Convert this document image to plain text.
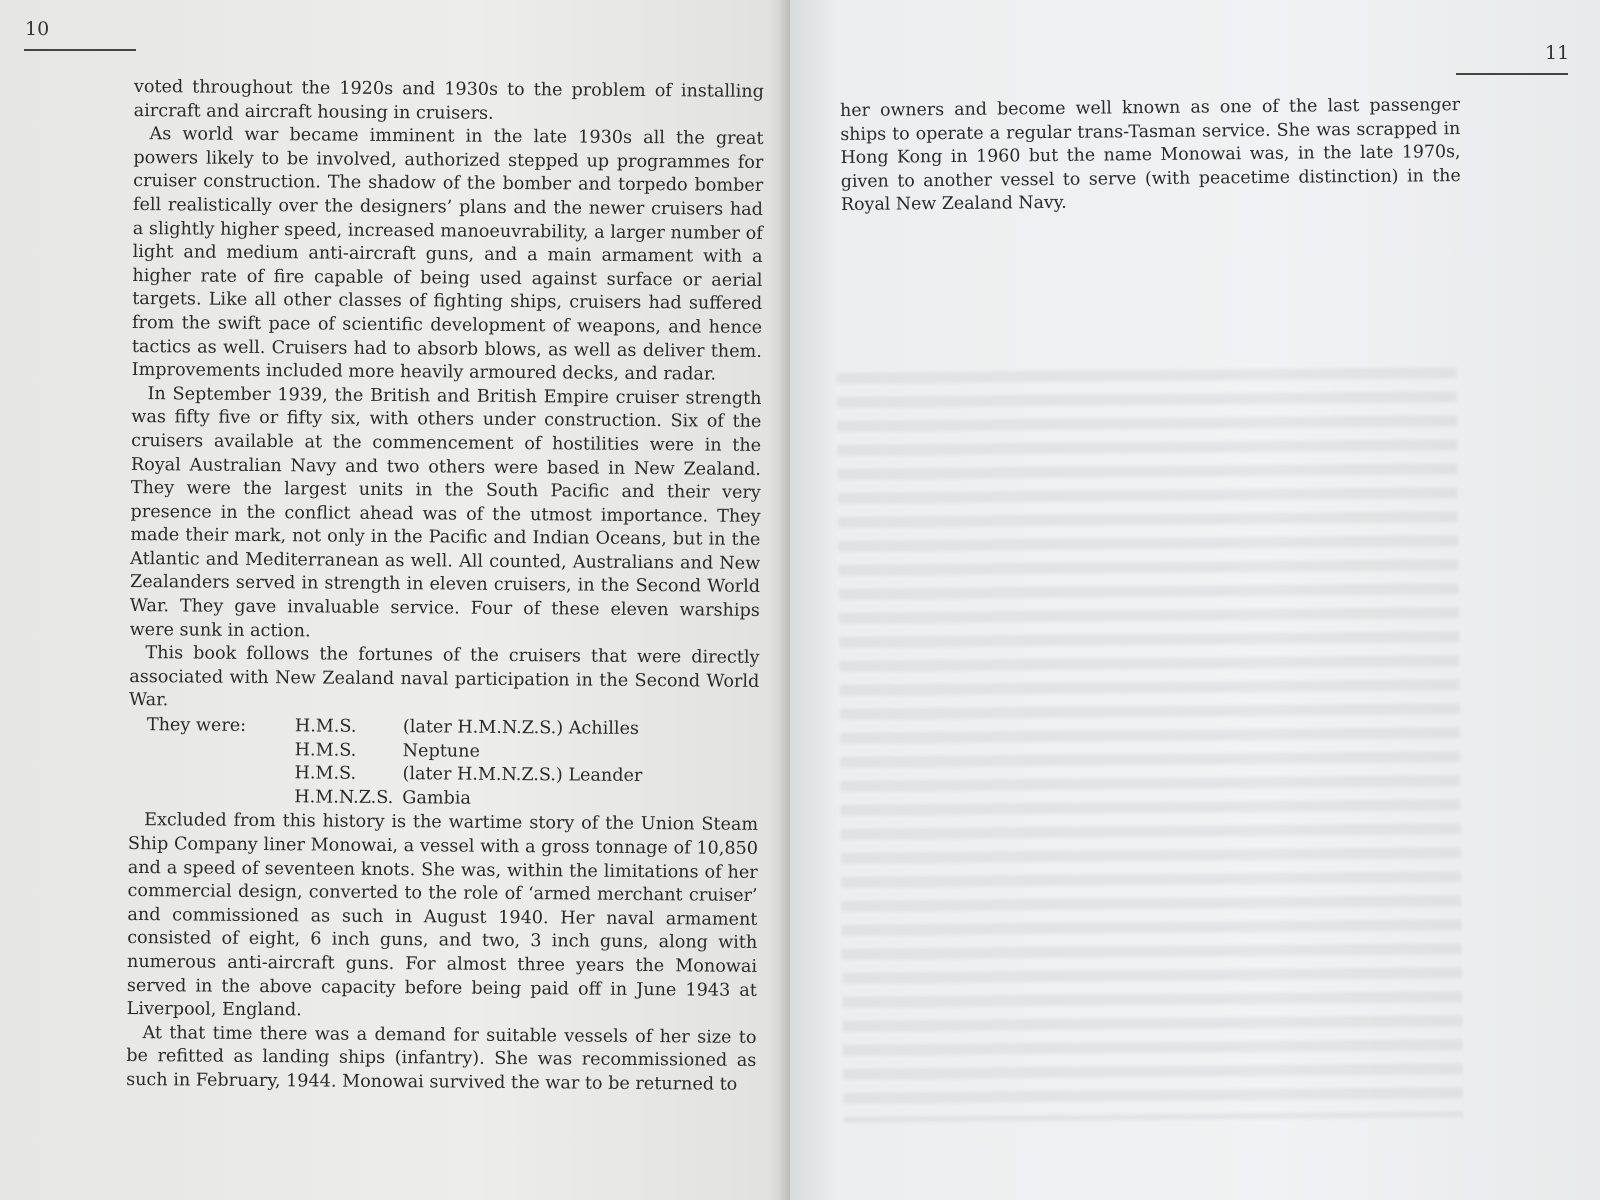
10

voted throughout the 1920s and 1930s to the problem of installing aircraft and aircraft housing in cruisers.

As world war became imminent in the late 1930s all the great powers likely to be involved, authorized stepped up programmes for cruiser construction. The shadow of the bomber and torpedo bomber fell realistically over the designers’ plans and the newer cruisers had a slightly higher speed, increased manoeuvrability, a larger number of light and medium anti-aircraft guns, and a main armament with a higher rate of fire capable of being used against surface or aerial targets. Like all other classes of fighting ships, cruisers had suffered from the swift pace of scientific development of weapons, and hence tactics as well. Cruisers had to absorb blows, as well as deliver them. Improvements included more heavily armoured decks, and radar.

In September 1939, the British and British Empire cruiser strength was fifty five or fifty six, with others under construction. Six of the cruisers available at the commencement of hostilities were in the Royal Australian Navy and two others were based in New Zealand. They were the largest units in the South Pacific and their very presence in the conflict ahead was of the utmost importance. They made their mark, not only in the Pacific and Indian Oceans, but in the Atlantic and Mediterranean as well. All counted, Australians and New Zealanders served in strength in eleven cruisers, in the Second World War. They gave invaluable service. Four of these eleven warships were sunk in action.

This book follows the fortunes of the cruisers that were directly associated with New Zealand naval participation in the Second World War.

They were:	H.M.S.	(later H.M.N.Z.S.) Achilles
H.M.S.	Neptune
H.M.S.	(later H.M.N.Z.S.) Leander
H.M.N.Z.S. Gambia

Excluded from this history is the wartime story of the Union Steam Ship Company liner Monowai, a vessel with a gross tonnage of 10,850 and a speed of seventeen knots. She was, within the limitations of her commercial design, converted to the role of ‘armed merchant cruiser’ and commissioned as such in August 1940. Her naval armament consisted of eight, 6 inch guns, and two, 3 inch guns, along with numerous anti-aircraft guns. For almost three years the Monowai served in the above capacity before being paid off in June 1943 at Liverpool, England.

At that time there was a demand for suitable vessels of her size to be refitted as landing ships (infantry). She was recommissioned as such in February, 1944. Monowai survived the war to be returned to

11

her owners and become well known as one of the last passenger ships to operate a regular trans-Tasman service. She was scrapped in Hong Kong in 1960 but the name Monowai was, in the late 1970s, given to another vessel to serve (with peacetime distinction) in the Royal New Zealand Navy.
